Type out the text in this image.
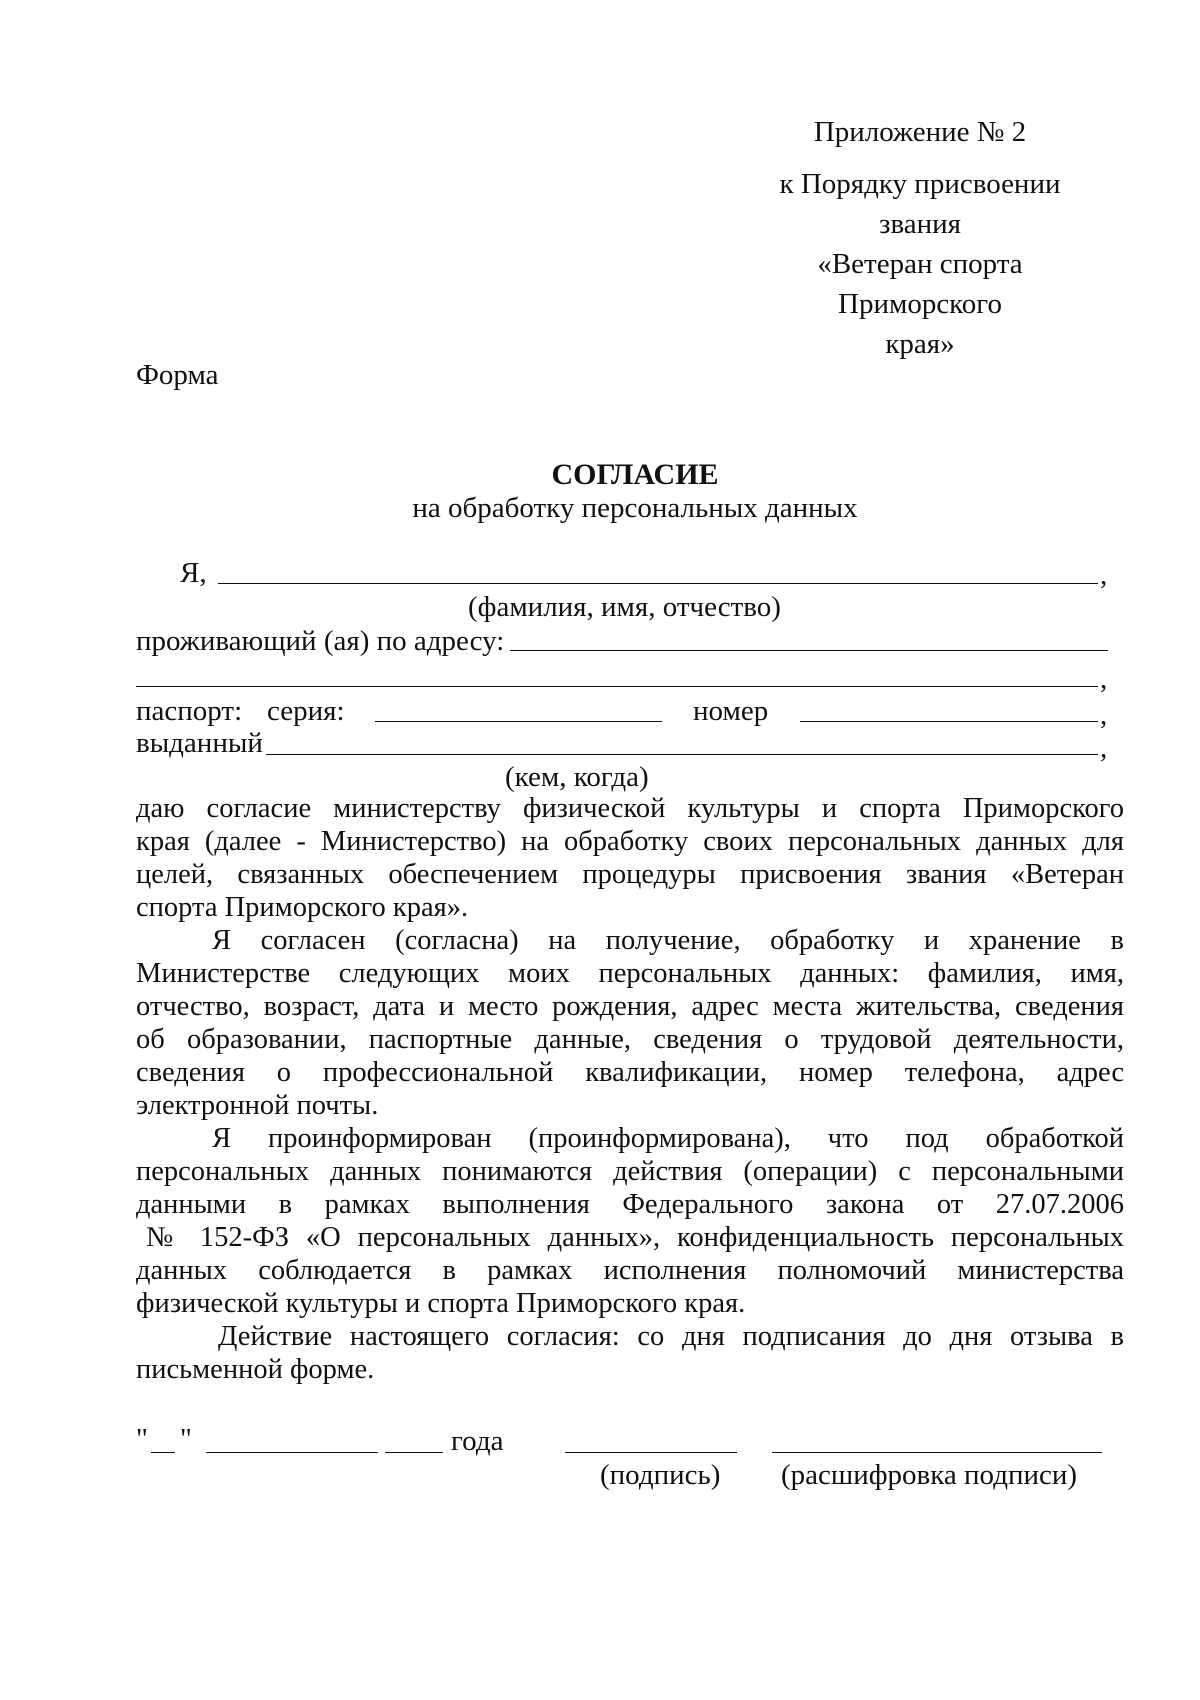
Приложение № 2
к Порядку присвоении звания
«Ветеран спорта Приморского
края»
Форма
СОГЛАСИЕ
на обработку персональных данных
Я,	,
(фамилия, имя, отчество)
проживающий (ая) по адресу:
,
паспорт: серия:	номер	,
выданный	,
(кем, когда)
даю согласие министерству физической культуры и спорта Приморского
края (далее - Министерство) на обработку своих персональных данных для
целей, связанных обеспечением процедуры присвоения звания «Ветеран
спорта Приморского края».
Я согласен (согласна) на получение, обработку и хранение в
Министерстве следующих моих персональных данных: фамилия, имя,
отчество, возраст, дата и место рождения, адрес места жительства, сведения
об образовании, паспортные данные, сведения о трудовой деятельности,
сведения о профессиональной квалификации, номер телефона, адрес
электронной почты.
Я проинформирован (проинформирована), что под обработкой
персональных данных понимаются действия (операции) с персональными
данными в рамках выполнения Федерального закона от 27.07.2006
№ 152-ФЗ «О персональных данных», конфиденциальность персональных
данных соблюдается в рамках исполнения полномочий министерства
физической культуры и спорта Приморского края.
Действие настоящего согласия: со дня подписания до дня отзыва в
письменной форме.
" "	года
(подпись) (расшифровка подписи)
